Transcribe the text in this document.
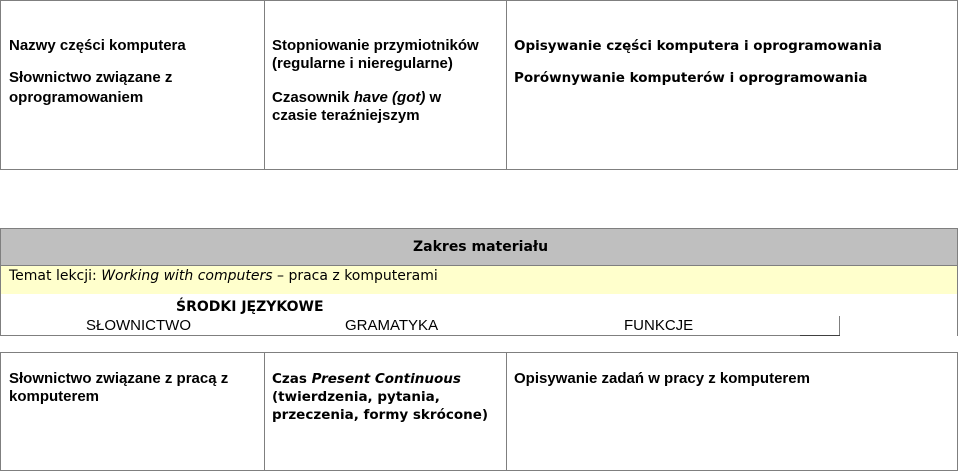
Nazwy części komputera
Słownictwo związane z
oprogramowaniem
Stopniowanie przymiotników
(regularne i nieregularne)
Czasownik have (got) w
czasie teraźniejszym
Opisywanie części komputera i oprogramowania
Porównywanie komputerów i oprogramowania
Zakres materiału
Temat lekcji: Working with computers – praca z komputerami
ŚRODKI JĘZYKOWE
SŁOWNICTWO	GRAMATYKA	FUNKCJE
Słownictwo związane z pracą z
komputerem
Czas Present Continuous
(twierdzenia, pytania,
przeczenia, formy skrócone)
Opisywanie zadań w pracy z komputerem
